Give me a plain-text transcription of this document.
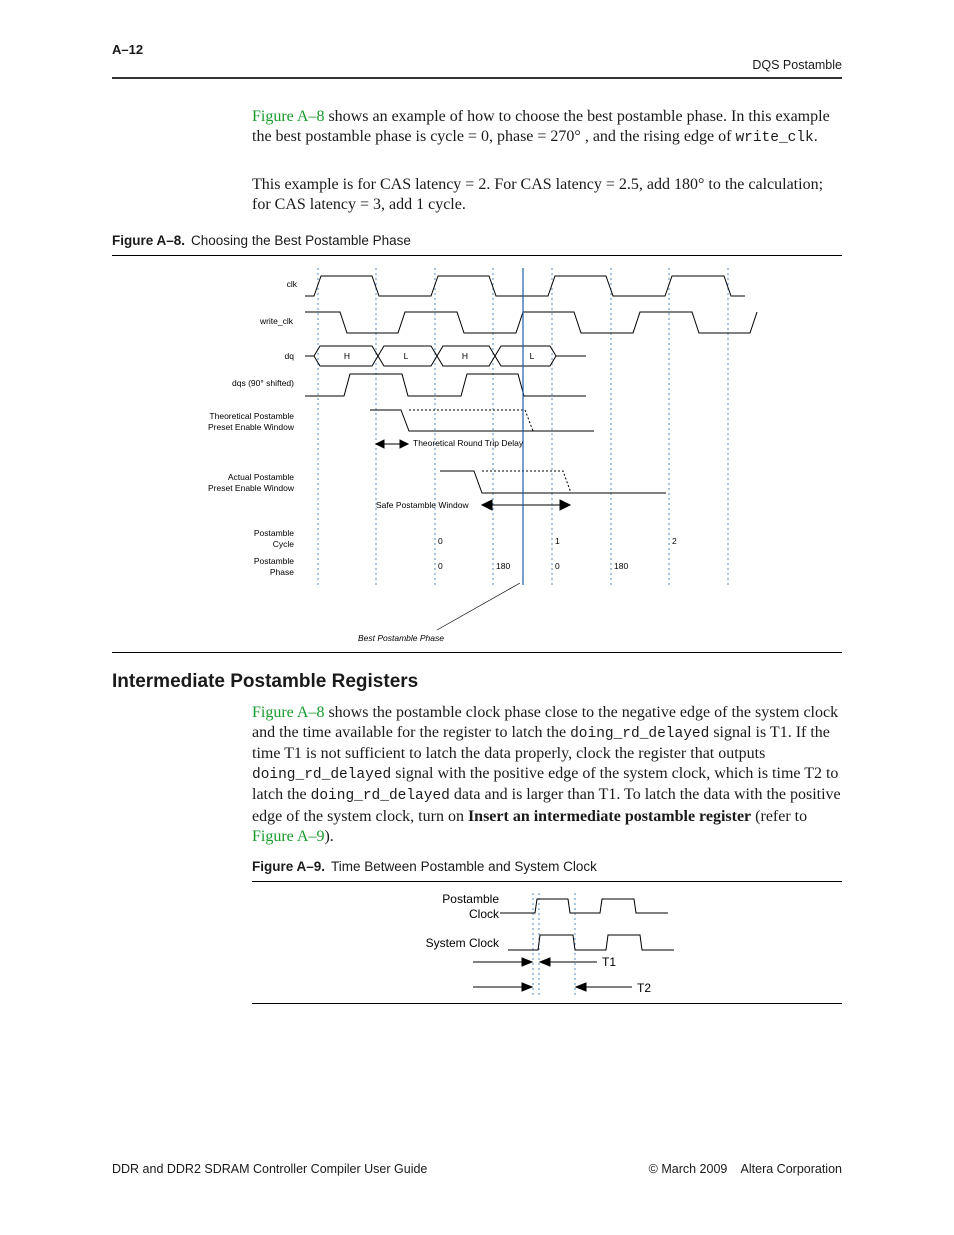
A–12
DQS Postamble

Figure A–8 shows an example of how to choose the best postamble phase. In this example the best postamble phase is cycle = 0, phase = 270° , and the rising edge of write_clk.

This example is for CAS latency = 2. For CAS latency = 2.5, add 180° to the calculation; for CAS latency = 3, add 1 cycle.

Figure A–8. Choosing the Best Postamble Phase
clk
write_clk
dq
dqs (90° shifted)
Theoretical Postamble
Preset Enable Window
Actual Postamble
Preset Enable Window
Postamble
Cycle
Postamble
Phase
H	L	H	L
Theoretical Round Trip Delay
Safe Postamble Window
0	1	2
0	180	0	180
Best Postamble Phase
Intermediate Postamble Registers

Figure A–8 shows the postamble clock phase close to the negative edge of the system clock and the time available for the register to latch the doing_rd_delayed signal is T1. If the time T1 is not sufficient to latch the data properly, clock the register that outputs doing_rd_delayed signal with the positive edge of the system clock, which is time T2 to latch the doing_rd_delayed data and is larger than T1. To latch the data with the positive edge of the system clock, turn on Insert an intermediate postamble register (refer to Figure A–9).

Figure A–9. Time Between Postamble and System Clock
Postamble
Clock
System Clock
T1
T2
DDR and DDR2 SDRAM Controller Compiler User Guide	© March 2009    Altera Corporation
